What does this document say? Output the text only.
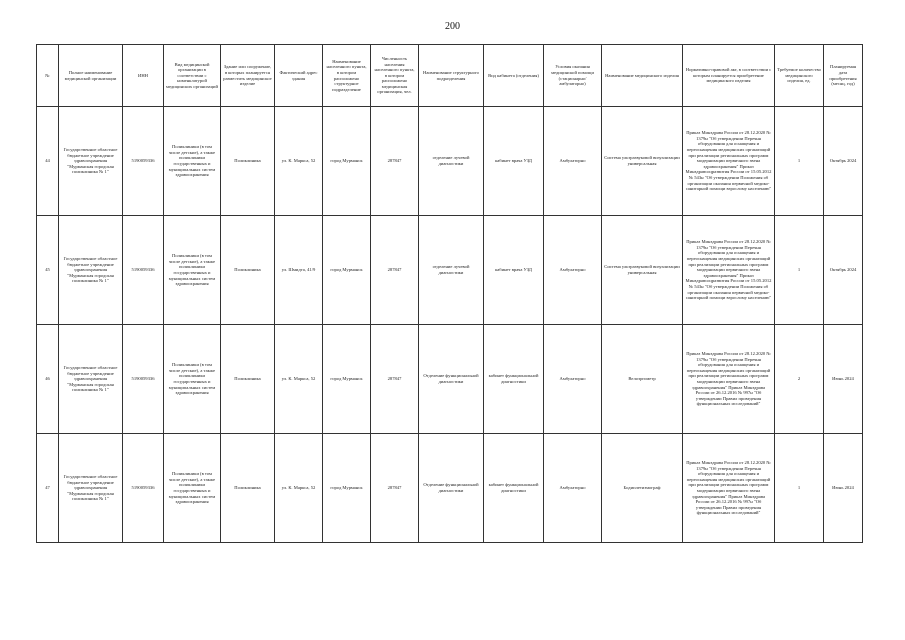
200
№	Полное наименование медицинской организации	ИНН	Вид медицинской организации в соответствии с номенклатурой медицинских организаций	Здание или сооружение, в которых планируется разместить медицинское изделие	Фактический адрес здания	Наименование населенного пункта, в котором расположено структурное подразделение	Численность населения населенного пункта, в котором расположено медицинская организация, чел.	Наименование структурного подразделения	Вид кабинета (отделения)	Условия оказания медицинской помощи (стационарно/амбулаторно)	Наименование медицинского изделия	Нормативно-правовой акт, в соответствии с которым планируется приобретение медицинского изделия	Требуемое количество медицинского изделия, ед.	Планируемая дата приобретения (месяц, год)
44	Государственное областное бюджетное учреждение здравоохранения "Мурманская городская поликлиника № 1"	5190059336	Поликлиники (в том числе детские), а также поликлиники государственных и муниципальных систем здравоохранения	Поликлиника	ул. К. Маркса, 52	город Мурманск	287847	отделение лучевой диагностики	кабинет врача УЗД	Амбулаторно	Система ультразвуковой визуализации универсальная	Приказ Минздрава России от 28.12.2020 № 1379н "Об утверждении Перечня оборудования для оснащения и переоснащения медицинских организаций при реализации региональных программ модернизации первичного звена здравоохранения" Приказ Минздравсоцразвития России от 15.05.2012 № 543н "Об утверждении Положения об организации оказания первичной медико-санитарной помощи взрослому населению"	1	Октябрь 2024
45	Государственное областное бюджетное учреждение здравоохранения "Мурманская городская поликлиника № 1"	5190059336	Поликлиники (в том числе детские), а также поликлиники государственных и муниципальных систем здравоохранения	Поликлиника	ул. Шмидта, 41/9	город Мурманск	287847	отделение лучевой диагностики	кабинет врача УЗД	Амбулаторно	Система ультразвуковой визуализации универсальная	Приказ Минздрава России от 28.12.2020 № 1379н "Об утверждении Перечня оборудования для оснащения и переоснащения медицинских организаций при реализации региональных программ модернизации первичного звена здравоохранения" Приказ Минздравсоцразвития России от 15.05.2012 № 543н "Об утверждении Положения об организации оказания первичной медико-санитарной помощи взрослому населению"	1	Октябрь 2024
46	Государственное областное бюджетное учреждение здравоохранения "Мурманская городская поликлиника № 1"	5190059336	Поликлиники (в том числе детские), а также поликлиники государственных и муниципальных систем здравоохранения	Поликлиника	ул. К. Маркса, 52	город Мурманск	287847	Отделение функциональной диагностики	кабинет функциональной диагностики	Амбулаторно	Велоэргометр	Приказ Минздрава России от 28.12.2020 № 1379н "Об утверждении Перечня оборудования для оснащения и переоснащения медицинских организаций при реализации региональных программ модернизации первичного звена здравоохранения" Приказ Минздрава России от 26.12.2016 № 997н "Об утверждении Правил проведения функциональных исследований"	2	Июнь 2024
47	Государственное областное бюджетное учреждение здравоохранения "Мурманская городская поликлиника № 1"	5190059336	Поликлиники (в том числе детские), а также поликлиники государственных и муниципальных систем здравоохранения	Поликлиника	ул. К. Маркса, 52	город Мурманск	287847	Отделение функциональной диагностики	кабинет функциональной диагностики	Амбулаторно	Бодиплетизмограф	Приказ Минздрава России от 28.12.2020 № 1379н "Об утверждении Перечня оборудования для оснащения и переоснащения медицинских организаций при реализации региональных программ модернизации первичного звена здравоохранения" Приказ Минздрава России от 26.12.2016 № 997н "Об утверждении Правил проведения функциональных исследований"	1	Июнь 2024
